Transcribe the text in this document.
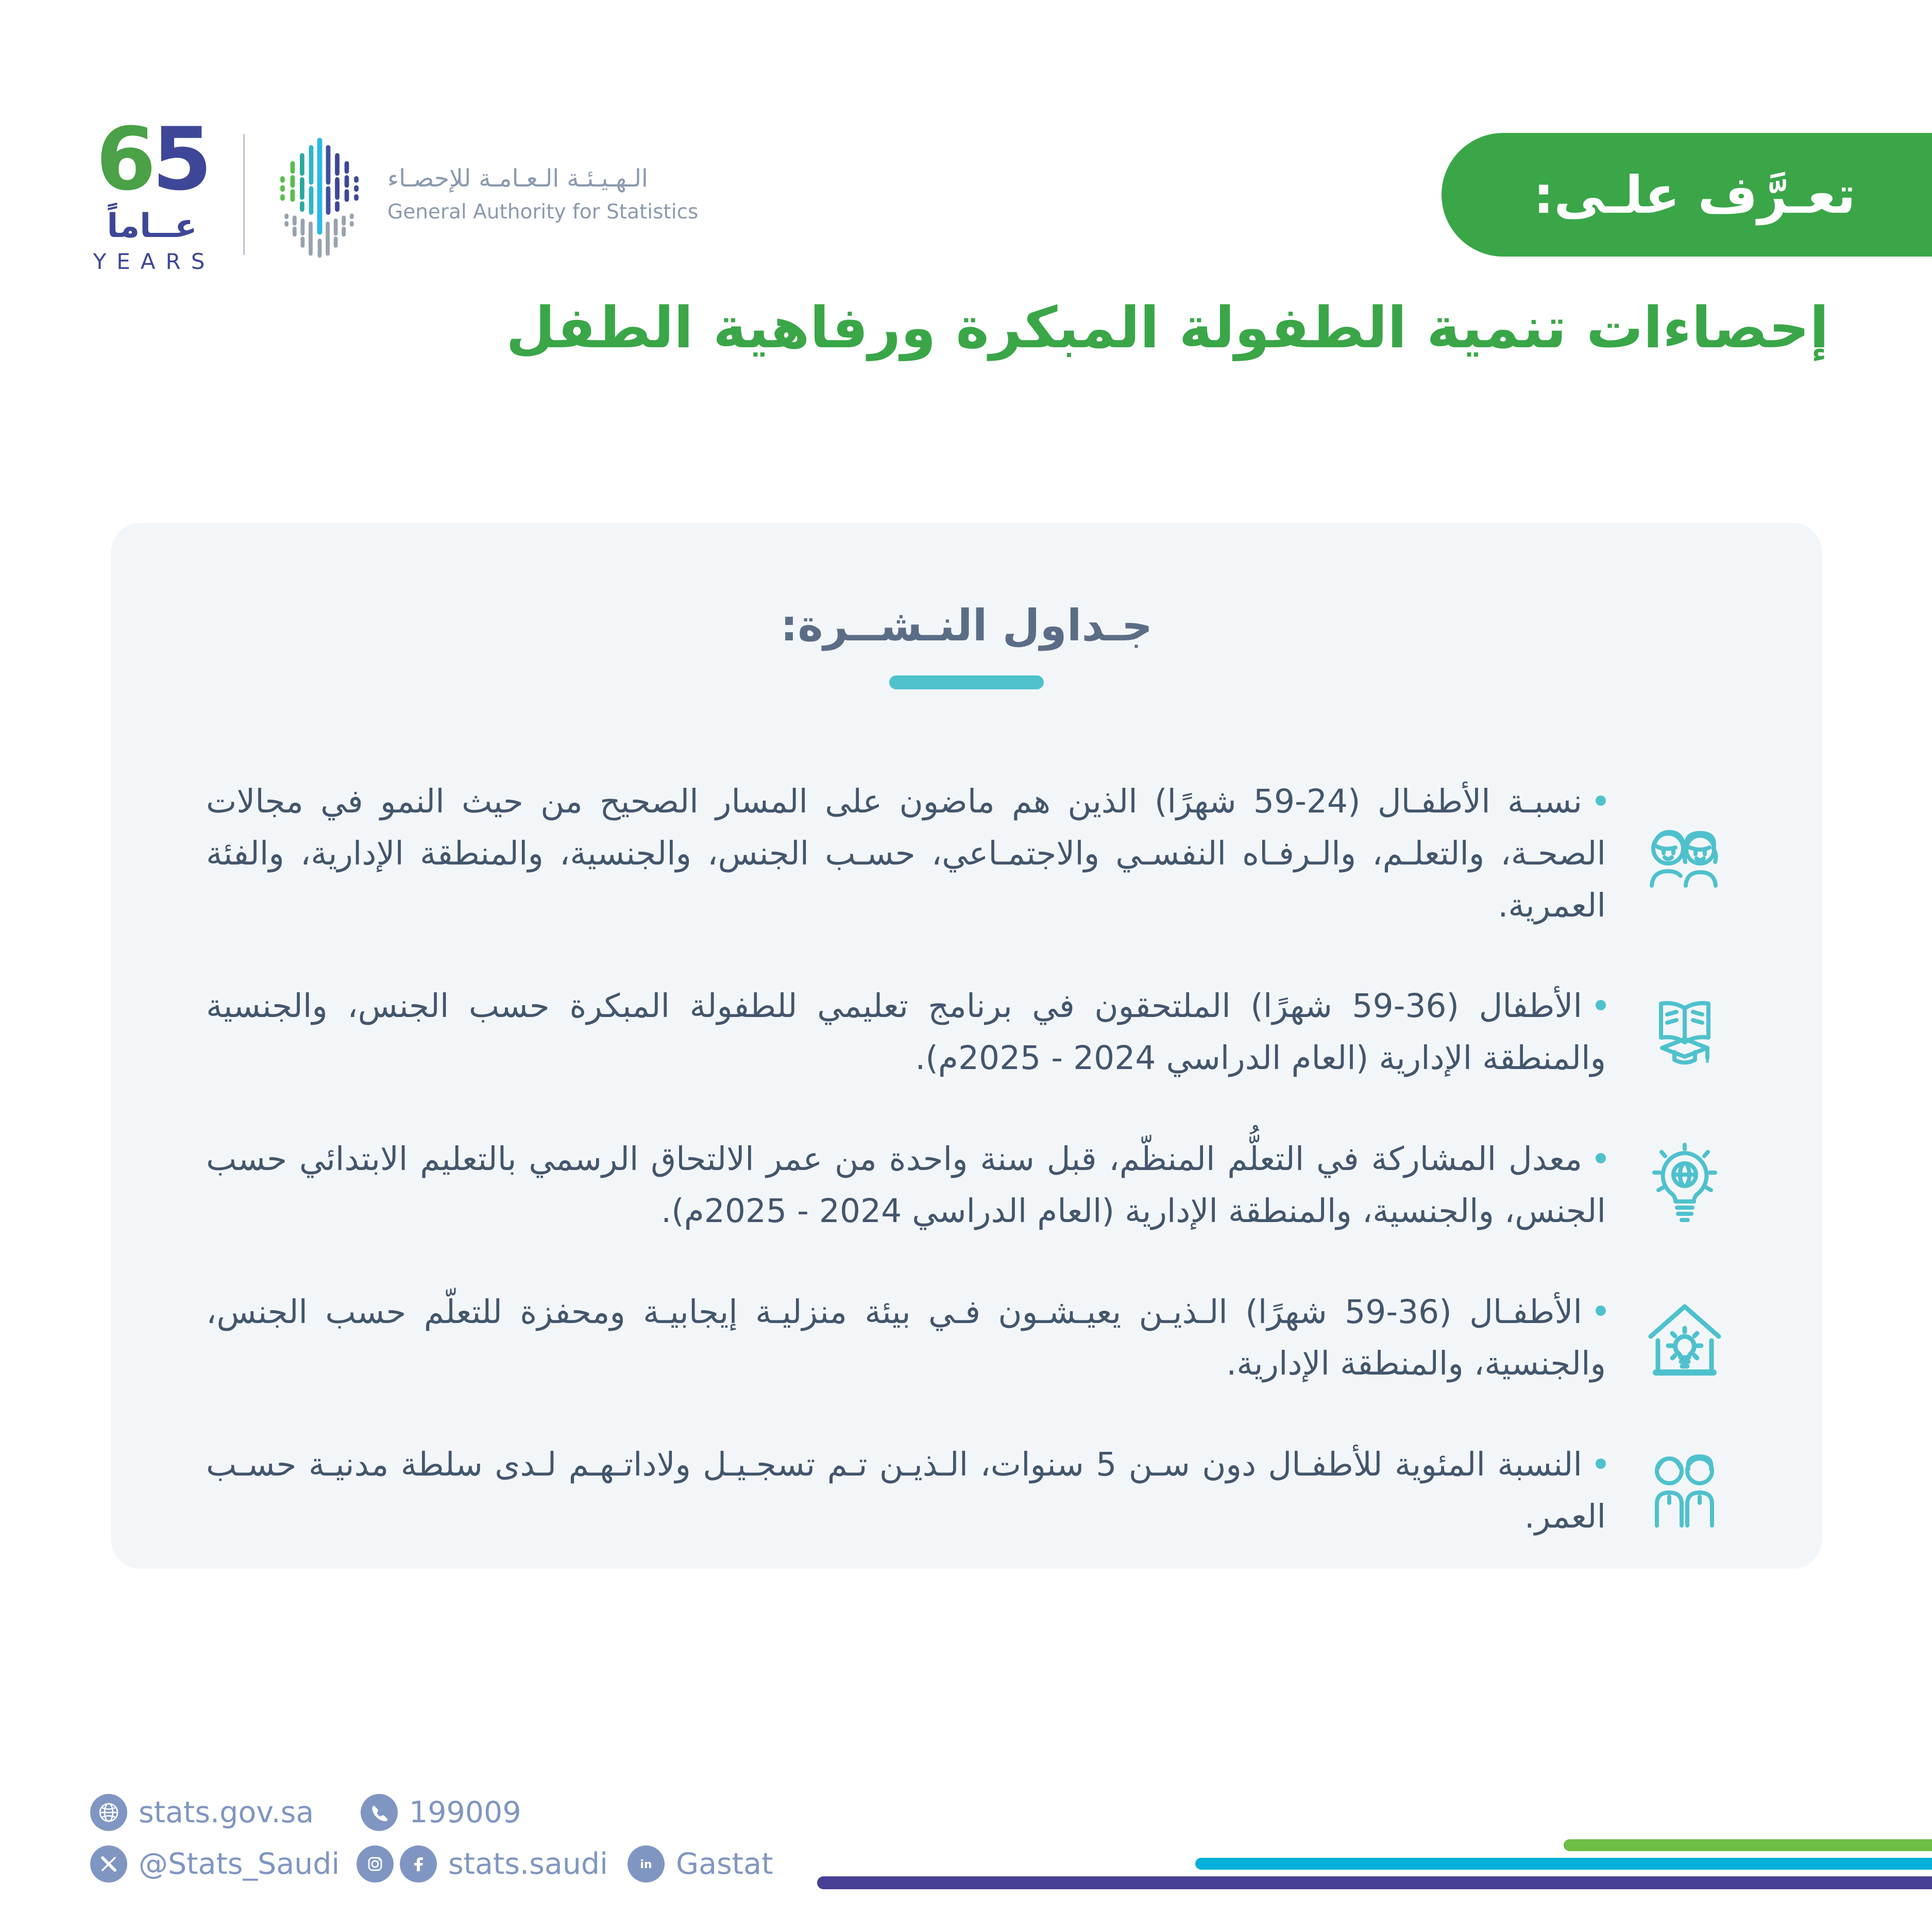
65
عــاماً
YEARS
الـهـيـئـة الـعـامـة للإحصـاء
General Authority for Statistics	تعـرَّف علـى:
إحصاءات تنمية الطفولة المبكرة ورفاهية الطفل
جـداول النـشــرة:
نسبـة الأطفـال (24-59 شهرًا) الذين هم ماضون على المسار الصحيح من حيث النمو في مجالات الصحـة، والتعلـم، والـرفـاه النفسـي والاجتمـاعي، حسـب الجنس، والجنسية، والمنطقة الإدارية، والفئة العمرية.
الأطفال (36-59 شهرًا) الملتحقون في برنامج تعليمي للطفولة المبكرة حسب الجنس، والجنسية والمنطقة الإدارية (العام الدراسي 2024 - 2025م).
معدل المشاركة في التعلُّم المنظّم، قبل سنة واحدة من عمر الالتحاق الرسمي بالتعليم الابتدائي حسب الجنس، والجنسية، والمنطقة الإدارية (العام الدراسي 2024 - 2025م).
الأطفـال (36-59 شهرًا) الـذيـن يعيـشـون فـي بيئة منزليـة إيجابيـة ومحفزة للتعلّم حسب الجنس، والجنسية، والمنطقة الإدارية.
النسبة المئوية للأطفـال دون سـن 5 سنوات، الـذيـن تـم تسجـيـل ولاداتـهـم لـدى سلطة مدنيـة حسـب العمر.
stats.gov.sa	199009
@Stats_Saudi	stats.saudi	in Gastat
